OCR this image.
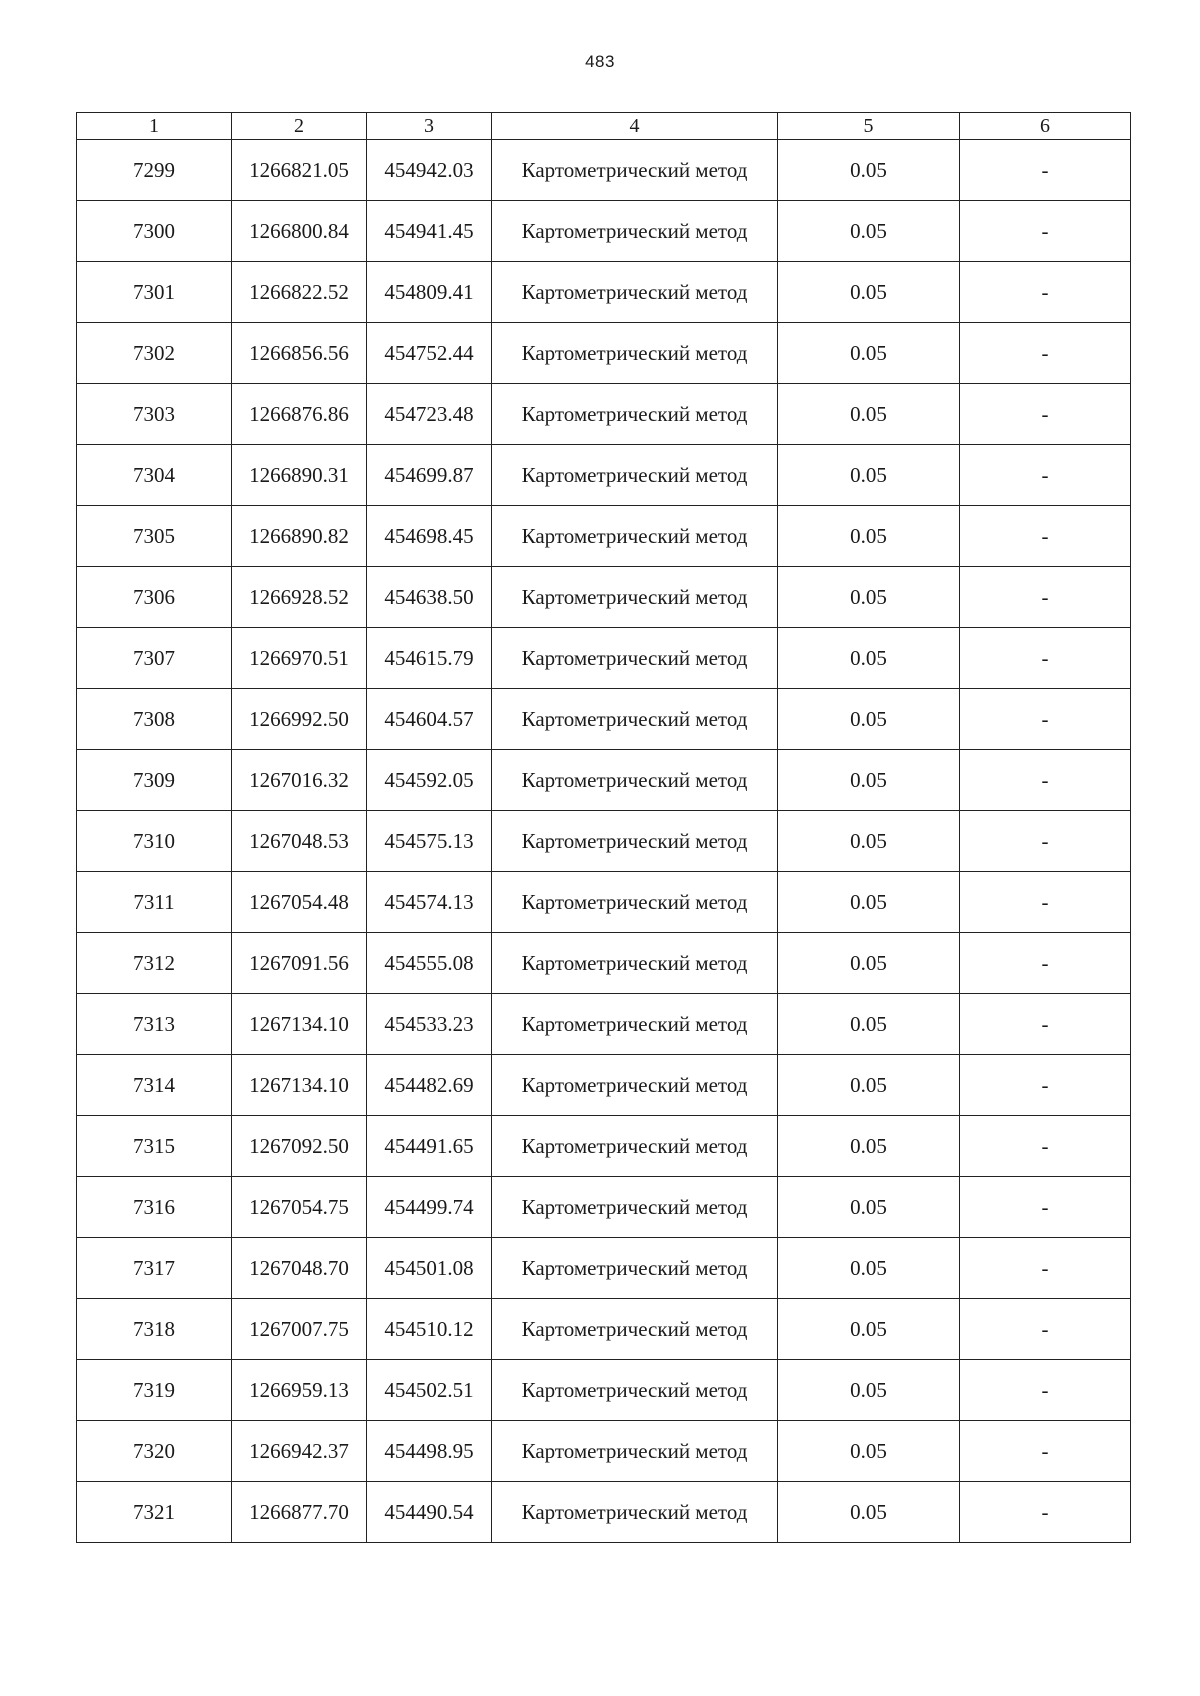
483
1	2	3	4	5	6
7299	1266821.05	454942.03	Картометрический метод	0.05	-
7300	1266800.84	454941.45	Картометрический метод	0.05	-
7301	1266822.52	454809.41	Картометрический метод	0.05	-
7302	1266856.56	454752.44	Картометрический метод	0.05	-
7303	1266876.86	454723.48	Картометрический метод	0.05	-
7304	1266890.31	454699.87	Картометрический метод	0.05	-
7305	1266890.82	454698.45	Картометрический метод	0.05	-
7306	1266928.52	454638.50	Картометрический метод	0.05	-
7307	1266970.51	454615.79	Картометрический метод	0.05	-
7308	1266992.50	454604.57	Картометрический метод	0.05	-
7309	1267016.32	454592.05	Картометрический метод	0.05	-
7310	1267048.53	454575.13	Картометрический метод	0.05	-
7311	1267054.48	454574.13	Картометрический метод	0.05	-
7312	1267091.56	454555.08	Картометрический метод	0.05	-
7313	1267134.10	454533.23	Картометрический метод	0.05	-
7314	1267134.10	454482.69	Картометрический метод	0.05	-
7315	1267092.50	454491.65	Картометрический метод	0.05	-
7316	1267054.75	454499.74	Картометрический метод	0.05	-
7317	1267048.70	454501.08	Картометрический метод	0.05	-
7318	1267007.75	454510.12	Картометрический метод	0.05	-
7319	1266959.13	454502.51	Картометрический метод	0.05	-
7320	1266942.37	454498.95	Картометрический метод	0.05	-
7321	1266877.70	454490.54	Картометрический метод	0.05	-
